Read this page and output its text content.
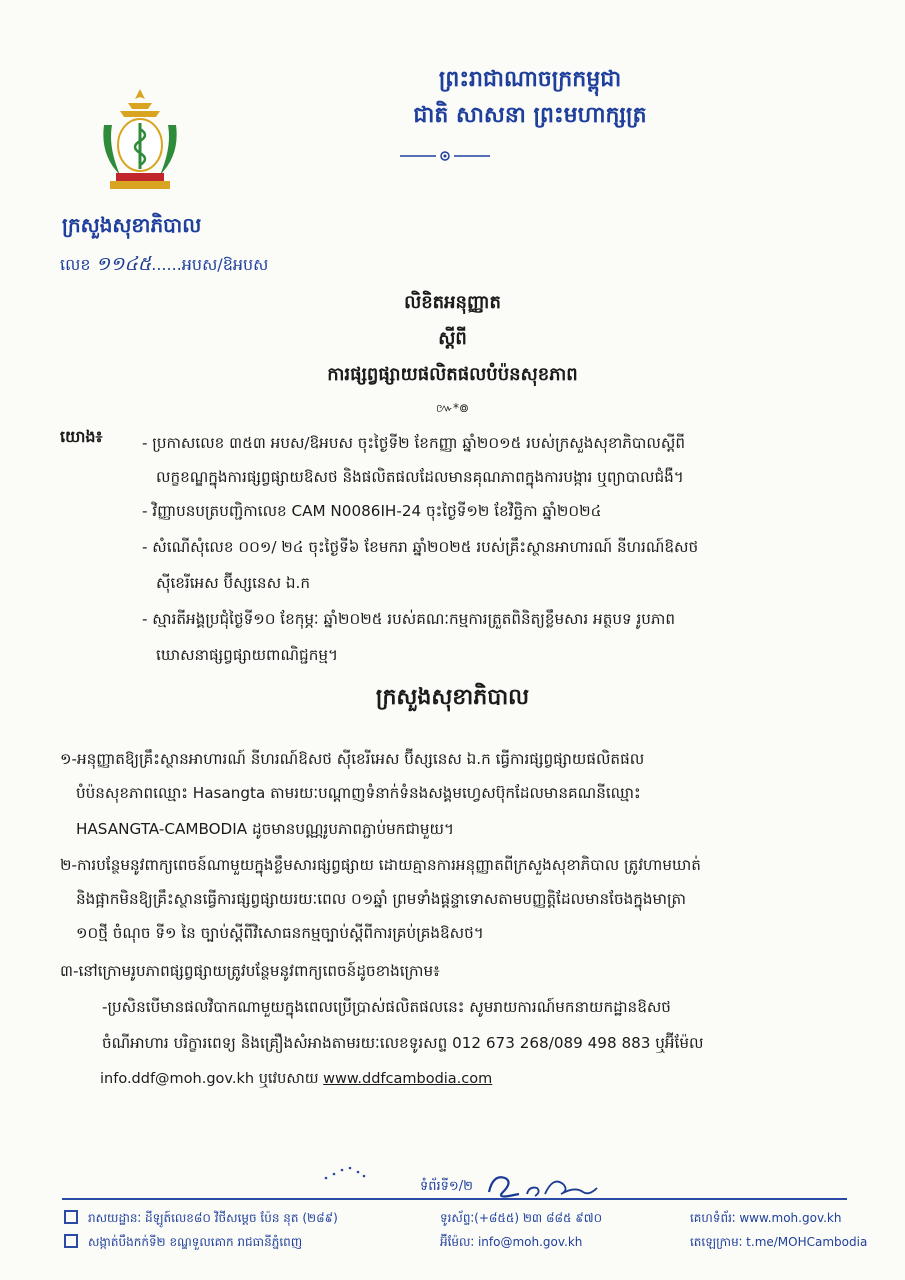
ព្រះរាជាណាចក្រកម្ពុជា
ជាតិ សាសនា ព្រះមហាក្សត្រ
ក្រសួងសុខាភិបាល
លេខ ១១៤៥......អបស/ឱអបស
លិខិតអនុញ្ញាត
ស្តីពី
ការផ្សព្វផ្សាយផលិតផលបំប៉នសុខភាព
៚*៙
យោង៖	- ប្រកាសលេខ ៣៥៣ អបស/ឱអបស ចុះថ្ងៃទី២ ខែកញ្ញា ឆ្នាំ២០១៥ របស់ក្រសួងសុខាភិបាលស្តីពី
លក្ខខណ្ឌក្នុងការផ្សព្វផ្សាយឱសថ និងផលិតផលដែលមានគុណភាពក្នុងការបង្ការ ឬព្យាបាលជំងឺ។
- វិញ្ញាបនបត្របញ្ជិកាលេខ CAM N0086IH-24 ចុះថ្ងៃទី១២ ខែវិច្ឆិកា ឆ្នាំ២០២៤
- សំណើសុំលេខ ០០១/ ២៤ ចុះថ្ងៃទី៦ ខែមករា ឆ្នាំ២០២៥ របស់គ្រឹះស្ថានអាហារណ៍ នីហរណ៍ឱសថ
ស៊ីខេរីអេស ប៊ីស្សនេស ឯ.ក
- ស្មារតីអង្គប្រជុំថ្ងៃទី១០ ខែកុម្ភៈ ឆ្នាំ២០២៥ របស់គណៈកម្មការត្រួតពិនិត្យខ្លឹមសារ អត្ថបទ រូបភាព
ឃោសនាផ្សព្វផ្សាយពាណិជ្ជកម្ម។
ក្រសួងសុខាភិបាល
១-អនុញ្ញាតឱ្យគ្រឹះស្ថានអាហារណ៍ នីហរណ៍ឱសថ ស៊ីខេរីអេស ប៊ីស្សនេស ឯ.ក ធ្វើការផ្សព្វផ្សាយផលិតផល
បំប៉នសុខភាពឈ្មោះ Hasangta តាមរយៈបណ្តាញទំនាក់ទំនងសង្គមហ្វេសប៊ុកដែលមានគណនីឈ្មោះ
HASANGTA-CAMBODIA ដូចមានបណ្ណរូបភាពភ្ជាប់មកជាមួយ។
២-ការបន្ថែមនូវពាក្យពេចន៍ណាមួយក្នុងខ្លឹមសារផ្សព្វផ្សាយ ដោយគ្មានការអនុញ្ញាតពីក្រសួងសុខាភិបាល ត្រូវហាមឃាត់
និងផ្អាកមិនឱ្យគ្រឹះស្ថានធ្វើការផ្សព្វផ្សាយរយៈពេល ០១ឆ្នាំ ព្រមទាំងផ្តន្ទាទោសតាមបញ្ញត្តិដែលមានចែងក្នុងមាត្រា
១០ថ្មី ចំណុច ទី១ នៃ ច្បាប់ស្តីពីវិសោធនកម្មច្បាប់ស្តីពីការគ្រប់គ្រងឱសថ។
៣-នៅក្រោមរូបភាពផ្សព្វផ្សាយត្រូវបន្ថែមនូវពាក្យពេចន៍ដូចខាងក្រោម៖
-ប្រសិនបើមានផលវិបាកណាមួយក្នុងពេលប្រើប្រាស់ផលិតផលនេះ សូមរាយការណ៍មកនាយកដ្ឋានឱសថ
ចំណីអាហារ បរិក្ខារពេទ្យ និងគ្រឿងសំអាងតាមរយៈលេខទូរសព្ទ 012 673 268/089 498 883 ឬអ៊ីម៉ែល
info.ddf@moh.gov.kh ឬវេបសាយ www.ddfcambodia.com
ទំព័រទី១/២
រាសយដ្ឋានៈ ដីឡូត៍លេខ៨០ វិថីសម្តេច ប៉ែន នុត (២៨៩)
សង្កាត់បឹងកក់ទី២ ខណ្ឌទួលគោក រាជធានីភ្នំពេញ
ទូរស័ព្ទៈ(+៨៥៥) ២៣ ៨៨៥ ៩៧០
អ៊ីម៉ែលៈ info@moh.gov.kh
គេហទំព័រៈ www.moh.gov.kh
តេឡេក្រាមៈ t.me/MOHCambodia
